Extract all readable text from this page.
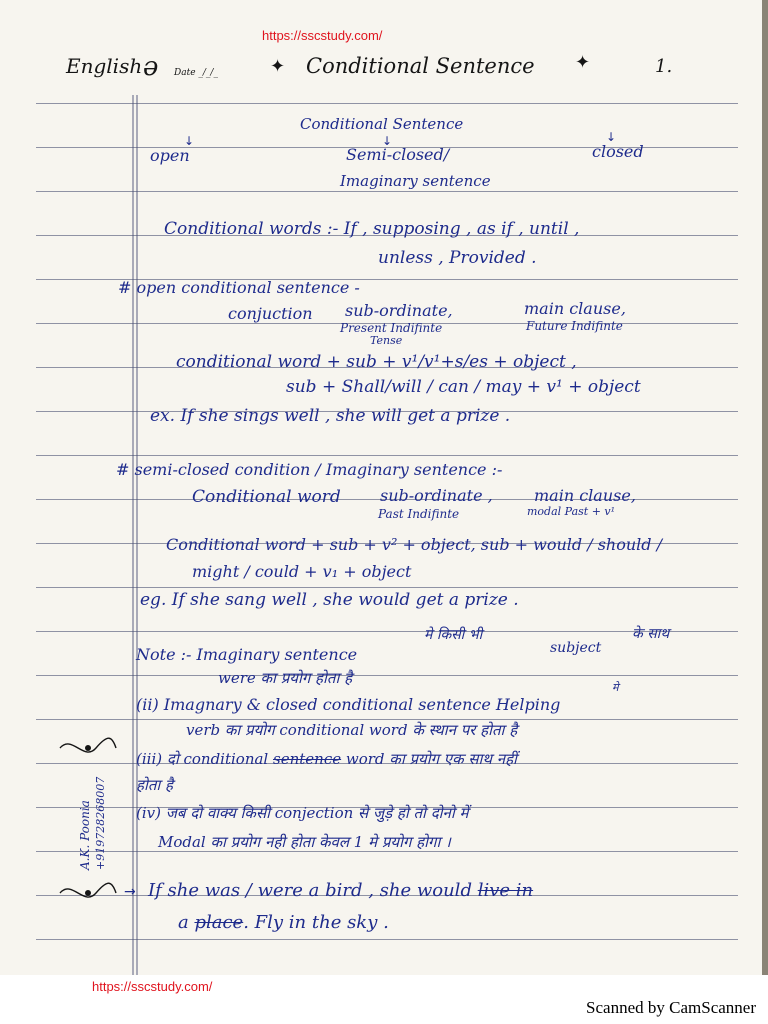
https://sscstudy.com/
English ǝ Date _/_/_	✦ Conditional Sentence ✦	1.
Conditional Sentence
↓	↓	↓
open	Semi-closed/	closed
Imaginary sentence
Conditional words :- If , supposing , as if , until ,
unless , Provided .
# open conditional sentence -
conjuction sub-ordinate,	main clause,
Present Indifinte
Tense
Future Indifinte
conditional word + sub + v¹/v¹+s/es + object ,
sub + Shall/will / can / may + v¹ + object
ex. If she sings well , she will get a prize .
# semi-closed condition / Imaginary sentence :-
Conditional word sub-ordinate ,	main clause,
Past Indifinte	modal Past + v¹
Conditional word + sub + v² + object, sub + would / should /
might / could + v₁ + object
eg. If she sang well , she would get a prize .
मे किसी भी
subject
के साथ
Note :- Imaginary sentence
were का प्रयोग होता है
मे
(ii) Imagnary & closed conditional sentence Helping
verb का प्रयोग conditional word के स्थान पर होता है
(iii) दो conditional sentence word का प्रयोग एक साथ नहीं
होता है
(iv) जब दो वाक्य किसी conjection से जुड़े हो तो दोनो में
Modal का प्रयोग नही होता केवल 1 मे प्रयोग होगा ।
→ If she was / were a bird , she would live in
a place. Fly in the sky .
A.K. Poonia +919728268007
https://sscstudy.com/
Scanned by CamScanner
